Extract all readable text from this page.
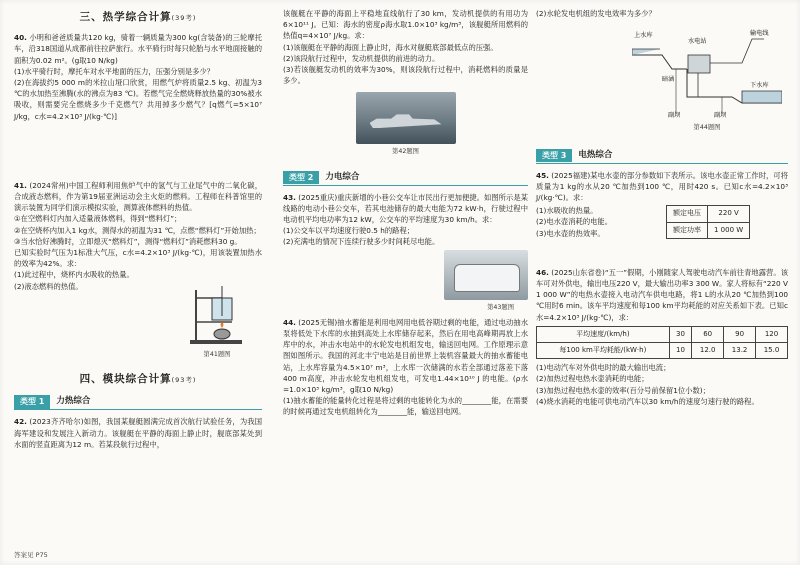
三、热学综合计算(39考)
40. 小明和爸爸质量共120 kg，骑着一辆质量为300 kg(含装备)的三轮摩托车，沿318国道从成都前往拉萨旅行。水平骑行时每只轮胎与水平地面接触的面积为0.02 m²。(g取10 N/kg)
(1)水平骑行时，摩托车对水平地面的压力，压强分别是多少？
(2)在海拔约5 000 m的米拉山垭口欣赏，用燃气炉将质量2.5 kg、初温为3 ℃的水加热至沸腾(水的沸点为83 ℃)。若燃气完全燃烧释放热量的30%被水吸收，则需要完全燃烧多少千克燃气？共用掉多少燃气？[q燃气=5×10⁷ J/kg，c水=4.2×10³ J/(kg·℃)]
41. (2024常州)中国工程师利用焦炉气中的氢气与工业尾气中的二氧化碳，合成液态燃料，作为第19届亚洲运动会主火炬的燃料。工程师在科普馆里的演示装置为同学们演示模拟实验，测算液体燃料的热值。
①在空燃料灯内加入适量液体燃料，得到“燃料灯”；
②在空烧杯内加入1 kg水，测得水的初温为31 ℃，点燃“燃料灯”开始加热；
③当水恰好沸腾时，立即熄灭“燃料灯”，测得“燃料灯”消耗燃料30 g。
已知实验时气压为1标准大气压，c水=4.2×10³ J/(kg·℃)，用该装置加热水的效率为42%。求：
(1)此过程中，烧杯内水吸收的热量。
(2)液态燃料的热值。
第41题图
四、模块综合计算(93考)
类型 1	力热综合
42. (2023齐齐哈尔)如图，我国某舰艇圆满完成首次航行试验任务，为我国海军建设和发展注入新动力。该舰艇在平静的海面上静止时，舰底部某处到水面的竖直距离为12 m。若某段航行过程中，
答案见 P75
该舰艇在平静的海面上平稳地直线航行了30 km，发动机提供的有用功为6×10¹¹ J。已知：海水的密度ρ海水取1.0×10³ kg/m³，该舰艇所用燃料的热值q=4×10⁷ J/kg。求：
(1)该舰艇在平静的海面上静止时，海水对舰艇底部最低点的压强。
(2)该段航行过程中，发动机提供的前进的动力。
(3)若该舰艇发动机的效率为30%，则该段航行过程中，消耗燃料的质量是多少。
第42题图
类型 2	力电综合
43. (2025重庆)重庆新增的小巷公交车让市民出行更加便捷。如图所示是某线路的电动小巷公交车，若其电池储存的最大电能为72 kW·h，行驶过程中电动机平均电功率为12 kW，公交车的平均速度为30 km/h。求：
(1)公交车以平均速度行驶0.5 h的路程；
(2)充满电的情况下连续行驶多少时间耗尽电能。
第43题图
44. (2025无锡)抽水蓄能是利用电网用电低谷期过剩的电能，通过电动抽水泵将低处下水库的水抽到高处上水库储存起来，然后在用电高峰期再放上水库中的水，冲击水电站中的水轮发电机组发电，输送回电网。工作原理示意图如图所示。我国的河北丰宁电站是目前世界上装机容量最大的抽水蓄能电站，上水库容量为4.5×10⁷ m³，上水库一次储满的水若全部通过落差下落400 m高度，冲击水轮发电机组发电，可发电1.44×10¹⁰ J 的电能。(ρ水=1.0×10³ kg/m³，g取10 N/kg)
(1)抽水蓄能的能量转化过程是将过剩的电能转化为水的________能，在需要的时候再通过发电机组转化为________能，输送回电网。
(2)水轮发电机组的发电效率为多少？
上水库
水电站
输电线
下水库
暗涵
副坝	副坝
第44题图
类型 3	电热综合
45. (2025福建)某电水壶的部分参数如下表所示。该电水壶正常工作时，可将质量为1 kg的水从20 ℃加热到100 ℃，用时420 s。已知c水=4.2×10³ J/(kg·℃)。求：
(1)水吸收的热量。
(2)电水壶消耗的电能。
(3)电水壶的热效率。
额定电压	220 V
额定功率	1 000 W
46. (2025山东省卷)“五一”假期，小刚随家人驾驶电动汽车前往青地露营。该车可对外供电，输出电压220 V，最大输出功率3 300 W。家人将标有“220 V 1 000 W”的电热水壶接入电动汽车供电电路，将1 L的水从20 ℃加热到100 ℃用时6 min。该车平均速度和每100 km平均耗能的对应关系如下表。已知c水=4.2×10³ J/(kg·℃)，求：
平均速度/(km/h)	30	60	90	120
每100 km平均耗能/(kW·h)	10	12.0	13.2	15.0
(1)电动汽车对外供电时的最大输出电流；
(2)加热过程电热水壶消耗的电能；
(3)加热过程电热水壶的效率(百分号前保留1位小数)；
(4)烧水消耗的电能可供电动汽车以30 km/h的速度匀速行驶的路程。
